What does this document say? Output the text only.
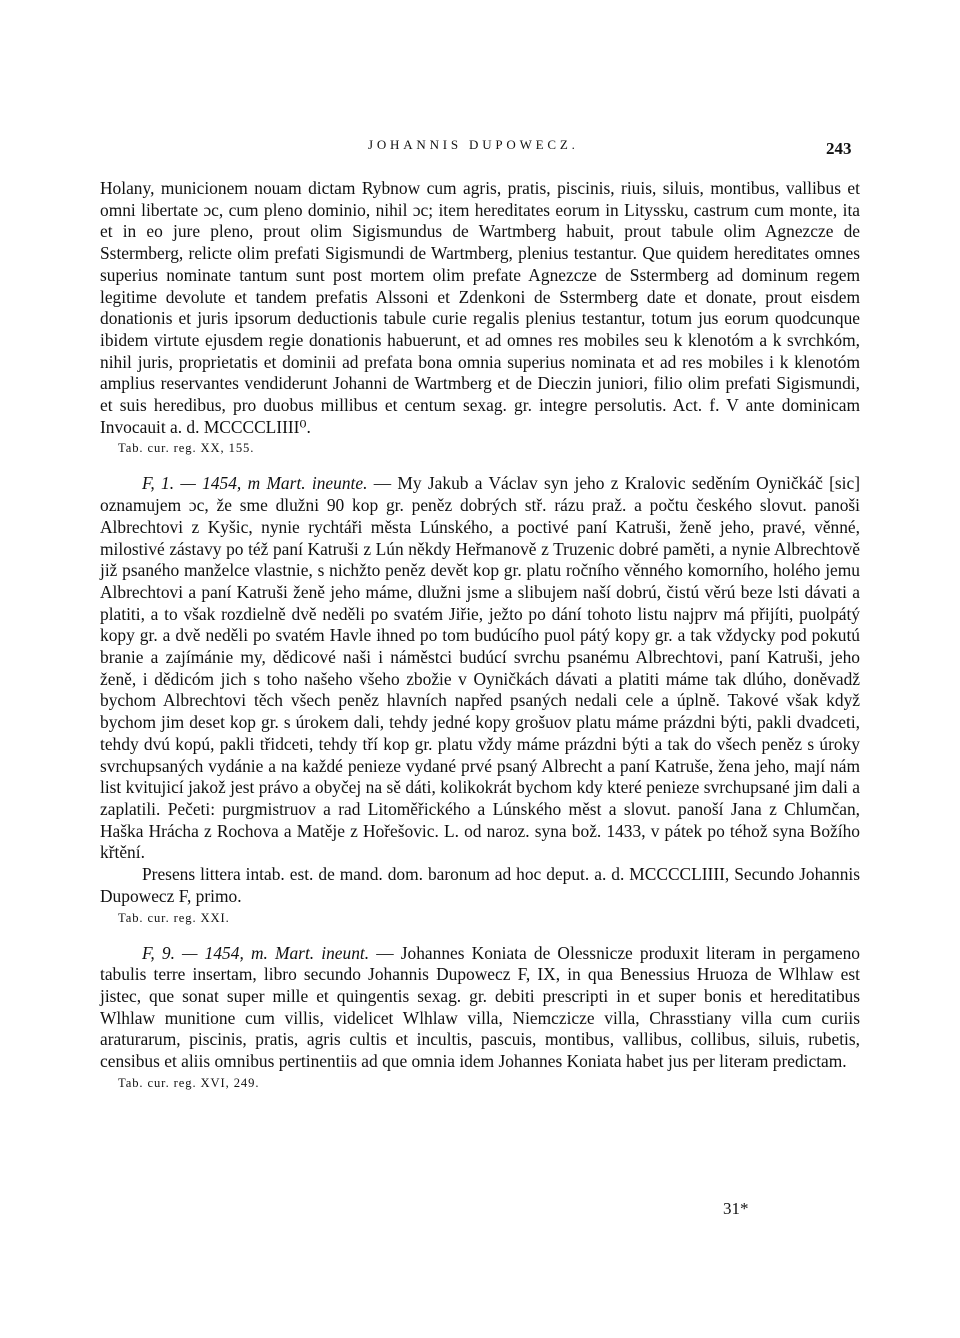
JOHANNIS DUPOWECZ.	243

Holany, municionem nouam dictam Rybnow cum agris, pratis, piscinis, riuis, siluis, montibus, vallibus et omni libertate ɔc, cum pleno dominio, nihil ɔc; item hereditates eorum in Lityssku, castrum cum monte, ita et in eo jure pleno, prout olim Sigismundus de Wartmberg habuit, prout tabule olim Agnezcze de Sstermberg, relicte olim prefati Sigismundi de Wartmberg, plenius testantur. Que quidem hereditates omnes superius nominate tantum sunt post mortem olim prefate Agnezcze de Sstermberg ad dominum regem legitime devolute et tandem prefatis Alssoni et Zdenkoni de Sstermberg date et donate, prout eisdem donationis et juris ipsorum deductionis tabule curie regalis plenius testantur, totum jus eorum quodcunque ibidem virtute ejusdem regie donationis habuerunt, et ad omnes res mobiles seu k klenotóm a k svrchkóm, nihil juris, proprietatis et dominii ad prefata bona omnia superius nominata et ad res mobiles i k klenotóm amplius reservantes vendiderunt Johanni de Wartmberg et de Dieczin juniori, filio olim prefati Sigismundi, et suis heredibus, pro duobus millibus et centum sexag. gr. integre persolutis. Act. f. V ante dominicam Invocauit a. d. MCCCCLIIII⁰.

Tab. cur. reg. XX, 155.

F, 1. — 1454, m Mart. ineunte. — My Jakub a Václav syn jeho z Kralovic seděním Oyničkáč [sic] oznamujem ɔc, že sme dlužni 90 kop gr. peněz dobrých stř. rázu praž. a počtu českého slovut. panoši Albrechtovi z Kyšic, nynie rychtáři města Lúnského, a poctivé paní Katruši, ženě jeho, pravé, věnné, milostivé zástavy po též paní Katruši z Lún někdy Heřmanově z Truzenic dobré paměti, a nynie Albrechtově již psaného manželce vlastnie, s nichžto peněz devět kop gr. platu ročního věnného komorního, holého jemu Albrechtovi a paní Katruši ženě jeho máme, dlužni jsme a slibujem naší dobrú, čistú věrú beze lsti dávati a platiti, a to však rozdielně dvě neděli po svatém Jiřie, ježto po dání tohoto listu najprv má přijíti, puolpátý kopy gr. a dvě neděli po svatém Havle ihned po tom budúcího puol pátý kopy gr. a tak vždycky pod pokutú branie a zajímánie my, dědicové naši i náměstci budúcí svrchu psanému Albrechtovi, paní Katruši, jeho ženě, i dědicóm jich s toho našeho všeho zbožie v Oyničkách dávati a platiti máme tak dlúho, doněvadž bychom Albrechtovi těch všech peněz hlavních napřed psaných nedali cele a úplně. Takové však když bychom jim deset kop gr. s úrokem dali, tehdy jedné kopy grošuov platu máme prázdni býti, pakli dvadceti, tehdy dvú kopú, pakli třidceti, tehdy tří kop gr. platu vždy máme prázdni býti a tak do všech peněz s úroky svrchupsaných vydánie a na každé penieze vydané prvé psaný Albrecht a paní Katruše, žena jeho, mají nám list kvitujicí jakož jest právo a obyčej na sě dáti, kolikokrát bychom kdy které penieze svrchupsané jim dali a zaplatili. Pečeti: purgmistruov a rad Litoměřického a Lúnského měst a slovut. panoší Jana z Chlumčan, Haška Hrácha z Rochova a Matěje z Hořešovic. L. od naroz. syna bož. 1433, v pátek po téhož syna Božího křtění.

Presens littera intab. est. de mand. dom. baronum ad hoc deput. a. d. MCCCCLIIII, Secundo Johannis Dupowecz F, primo.

Tab. cur. reg. XXI.

F, 9. — 1454, m. Mart. ineunt. — Johannes Koniata de Olessnicze produxit literam in pergameno tabulis terre insertam, libro secundo Johannis Dupowecz F, IX, in qua Benessius Hruoza de Wlhlaw est jistec, que sonat super mille et quingentis sexag. gr. debiti prescripti in et super bonis et hereditatibus Wlhlaw munitione cum villis, videlicet Wlhlaw villa, Niemczicze villa, Chrasstiany villa cum curiis araturarum, piscinis, pratis, agris cultis et incultis, pascuis, montibus, vallibus, collibus, siluis, rubetis, censibus et aliis omnibus pertinentiis ad que omnia idem Johannes Koniata habet jus per literam predictam.

Tab. cur. reg. XVI, 249.

31*
